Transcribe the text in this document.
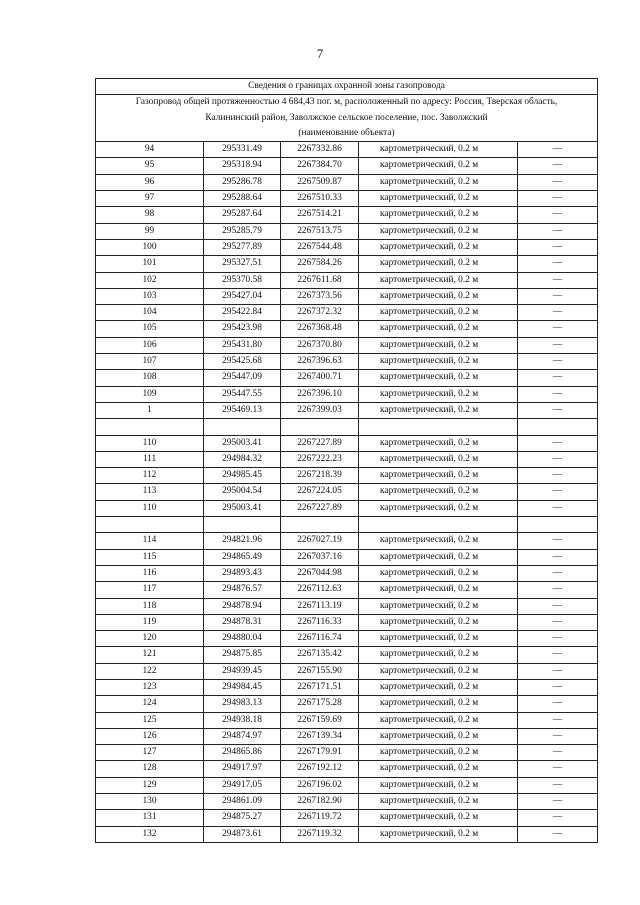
7
Сведения о границах охранной зоны газопровода				

Газопровод общей протяженностью 4 684,43 пог. м, расположенный по адресу: Россия, Тверская область,
Калининский район, Заволжское сельское поселение, пос. Заволжский
(наименование объекта)				

94	295331.49	2267332.86	картометрический, 0.2 м	—
95	295318.94	2267384.70	картометрический, 0.2 м	—
96	295286.78	2267509.87	картометрический, 0.2 м	—
97	295288.64	2267510.33	картометрический, 0.2 м	—
98	295287.64	2267514.21	картометрический, 0.2 м	—
99	295285.79	2267513.75	картометрический, 0.2 м	—
100	295277.89	2267544.48	картометрический, 0.2 м	—
101	295327.51	2267584.26	картометрический, 0.2 м	—
102	295370.58	2267611.68	картометрический, 0.2 м	—
103	295427.04	2267373.56	картометрический, 0.2 м	—
104	295422.84	2267372.32	картометрический, 0.2 м	—
105	295423.98	2267368.48	картометрический, 0.2 м	—
106	295431.80	2267370.80	картометрический, 0.2 м	—
107	295425.68	2267396.63	картометрический, 0.2 м	—
108	295447.09	2267400.71	картометрический, 0.2 м	—
109	295447.55	2267396.10	картометрический, 0.2 м	—
1	295469.13	2267399.03	картометрический, 0.2 м	—

110	295003.41	2267227.89	картометрический, 0.2 м	—
111	294984.32	2267222.23	картометрический, 0.2 м	—
112	294985.45	2267218.39	картометрический, 0.2 м	—
113	295004.54	2267224.05	картометрический, 0.2 м	—
110	295003.41	2267227.89	картометрический, 0.2 м	—

114	294821.96	2267027.19	картометрический, 0.2 м	—
115	294865.49	2267037.16	картометрический, 0.2 м	—
116	294893.43	2267044.98	картометрический, 0.2 м	—
117	294876.57	2267112.63	картометрический, 0.2 м	—
118	294878.94	2267113.19	картометрический, 0.2 м	—
119	294878.31	2267116.33	картометрический, 0.2 м	—
120	294880.04	2267116.74	картометрический, 0.2 м	—
121	294875.85	2267135.42	картометрический, 0.2 м	—
122	294939.45	2267155.90	картометрический, 0.2 м	—
123	294984.45	2267171.51	картометрический, 0.2 м	—
124	294983.13	2267175.28	картометрический, 0.2 м	—
125	294938.18	2267159.69	картометрический, 0.2 м	—
126	294874.97	2267139.34	картометрический, 0.2 м	—
127	294865.86	2267179.91	картометрический, 0.2 м	—
128	294917.97	2267192.12	картометрический, 0.2 м	—
129	294917.05	2267196.02	картометрический, 0.2 м	—
130	294861.09	2267182.90	картометрический, 0.2 м	—
131	294875.27	2267119.72	картометрический, 0.2 м	—
132	294873.61	2267119.32	картометрический, 0.2 м	—
